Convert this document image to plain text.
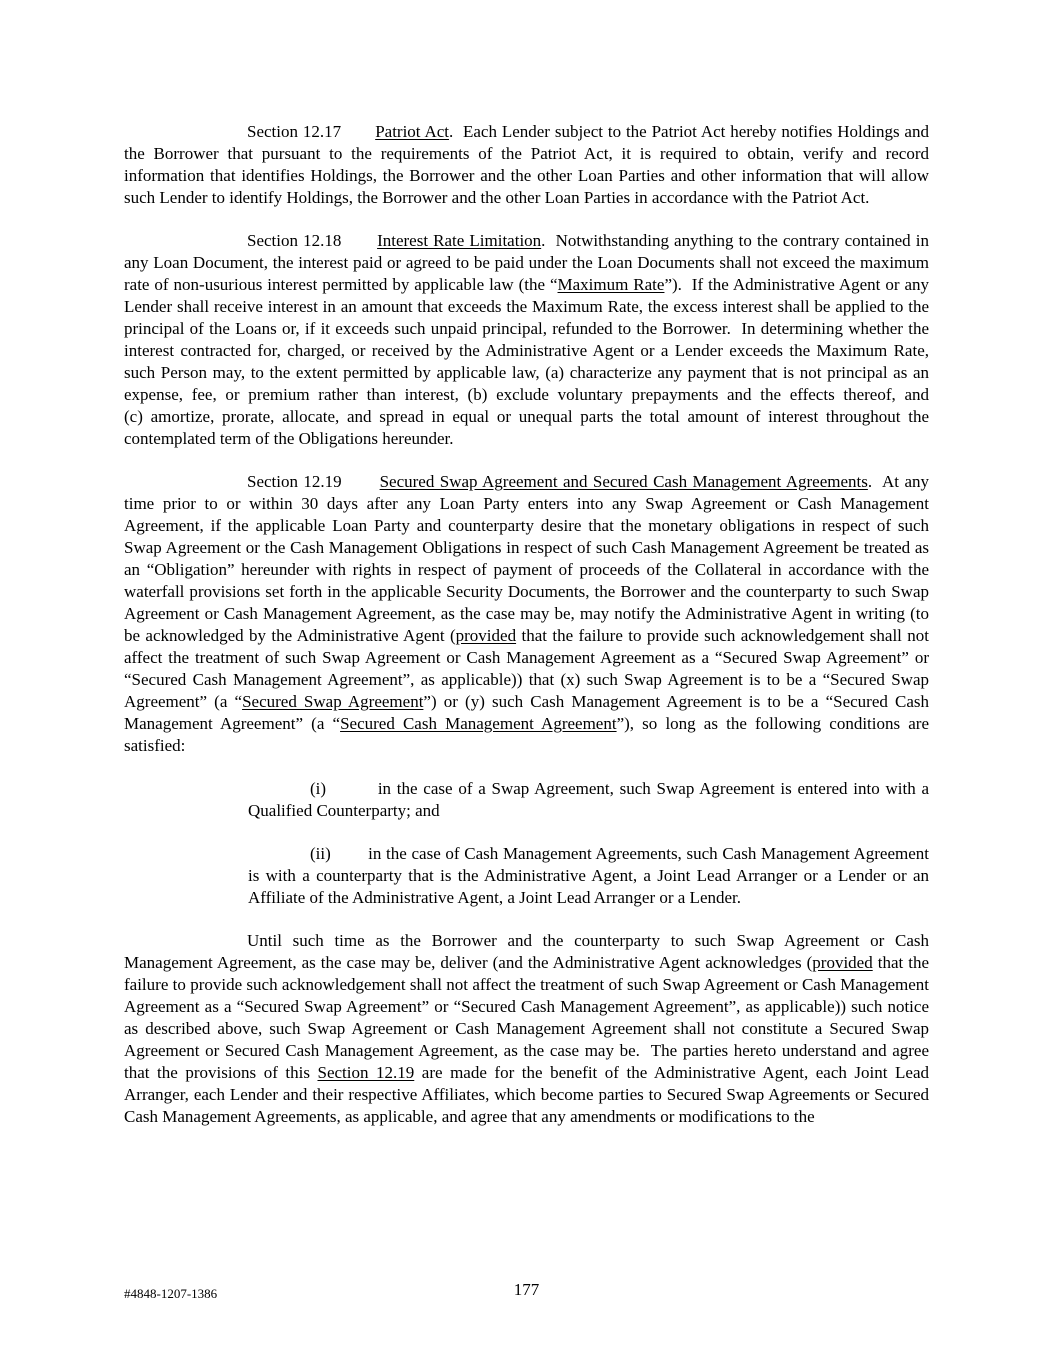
Section 12.17       Patriot Act.  Each Lender subject to the Patriot Act hereby notifies Holdings and the Borrower that pursuant to the requirements of the Patriot Act, it is required to obtain, verify and record information that identifies Holdings, the Borrower and the other Loan Parties and other information that will allow such Lender to identify Holdings, the Borrower and the other Loan Parties in accordance with the Patriot Act.

Section 12.18       Interest Rate Limitation.  Notwithstanding anything to the contrary contained in any Loan Document, the interest paid or agreed to be paid under the Loan Documents shall not exceed the maximum rate of non-usurious interest permitted by applicable law (the “Maximum Rate”).  If the Administrative Agent or any Lender shall receive interest in an amount that exceeds the Maximum Rate, the excess interest shall be applied to the principal of the Loans or, if it exceeds such unpaid principal, refunded to the Borrower.  In determining whether the interest contracted for, charged, or received by the Administrative Agent or a Lender exceeds the Maximum Rate, such Person may, to the extent permitted by applicable law, (a) characterize any payment that is not principal as an expense, fee, or premium rather than interest, (b) exclude voluntary prepayments and the effects thereof, and (c) amortize, prorate, allocate, and spread in equal or unequal parts the total amount of interest throughout the contemplated term of the Obligations hereunder.

Section 12.19       Secured Swap Agreement and Secured Cash Management Agreements.  At any time prior to or within 30 days after any Loan Party enters into any Swap Agreement or Cash Management Agreement, if the applicable Loan Party and counterparty desire that the monetary obligations in respect of such Swap Agreement or the Cash Management Obligations in respect of such Cash Management Agreement be treated as an “Obligation” hereunder with rights in respect of payment of proceeds of the Collateral in accordance with the waterfall provisions set forth in the applicable Security Documents, the Borrower and the counterparty to such Swap Agreement or Cash Management Agreement, as the case may be, may notify the Administrative Agent in writing (to be acknowledged by the Administrative Agent (provided that the failure to provide such acknowledgement shall not affect the treatment of such Swap Agreement or Cash Management Agreement as a “Secured Swap Agreement” or “Secured Cash Management Agreement”, as applicable)) that (x) such Swap Agreement is to be a “Secured Swap Agreement” (a “Secured Swap Agreement”) or (y) such Cash Management Agreement is to be a “Secured Cash Management Agreement” (a “Secured Cash Management Agreement”), so long as the following conditions are satisfied:

(i)         in the case of a Swap Agreement, such Swap Agreement is entered into with a Qualified Counterparty; and

(ii)        in the case of Cash Management Agreements, such Cash Management Agreement is with a counterparty that is the Administrative Agent, a Joint Lead Arranger or a Lender or an Affiliate of the Administrative Agent, a Joint Lead Arranger or a Lender.

Until such time as the Borrower and the counterparty to such Swap Agreement or Cash Management Agreement, as the case may be, deliver (and the Administrative Agent acknowledges (provided that the failure to provide such acknowledgement shall not affect the treatment of such Swap Agreement or Cash Management Agreement as a “Secured Swap Agreement” or “Secured Cash Management Agreement”, as applicable)) such notice as described above, such Swap Agreement or Cash Management Agreement shall not constitute a Secured Swap Agreement or Secured Cash Management Agreement, as the case may be.  The parties hereto understand and agree that the provisions of this Section 12.19 are made for the benefit of the Administrative Agent, each Joint Lead Arranger, each Lender and their respective Affiliates, which become parties to Secured Swap Agreements or Secured Cash Management Agreements, as applicable, and agree that any amendments or modifications to the

#4848-1207-1386	177
